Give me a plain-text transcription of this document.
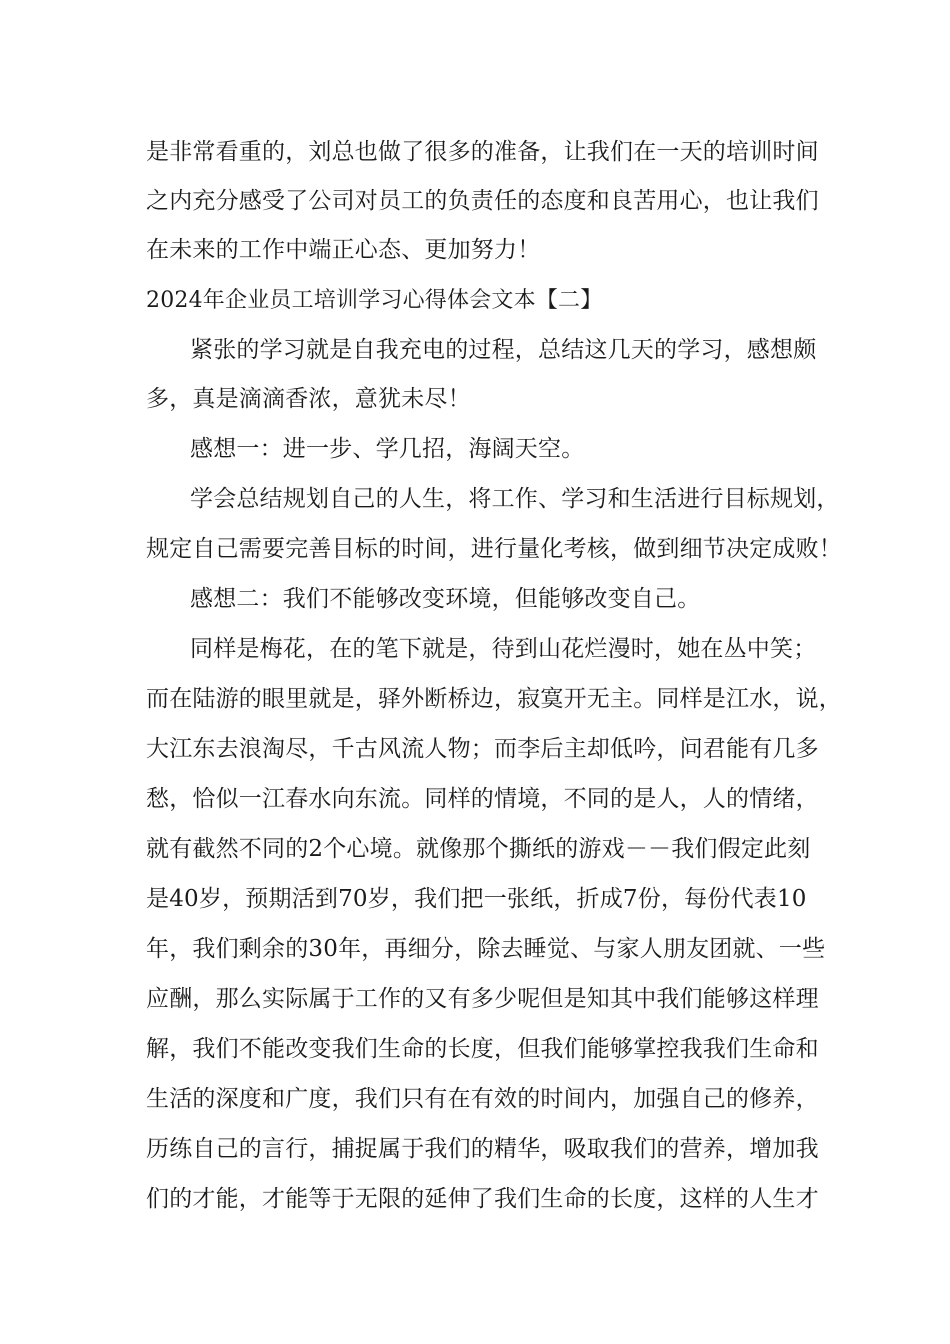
是非常看重的，刘总也做了很多的准备，让我们在一天的培训时间
之内充分感受了公司对员工的负责任的态度和良苦用心，也让我们
在未来的工作中端正心态、更加努力！
2024年企业员工培训学习心得体会文本【二】
紧张的学习就是自我充电的过程，总结这几天的学习，感想颇
多，真是滴滴香浓，意犹未尽！
感想一：进一步、学几招，海阔天空。
学会总结规划自己的人生，将工作、学习和生活进行目标规划，
规定自己需要完善目标的时间，进行量化考核，做到细节决定成败！
感想二：我们不能够改变环境，但能够改变自己。
同样是梅花，在的笔下就是，待到山花烂漫时，她在丛中笑；
而在陆游的眼里就是，驿外断桥边，寂寞开无主。同样是江水，说，
大江东去浪淘尽，千古风流人物；而李后主却低吟，问君能有几多
愁，恰似一江春水向东流。同样的情境，不同的是人，人的情绪，
就有截然不同的2个心境。就像那个撕纸的游戏－－我们假定此刻
是40岁，预期活到70岁，我们把一张纸，折成7份，每份代表10
年，我们剩余的30年，再细分，除去睡觉、与家人朋友团就、一些
应酬，那么实际属于工作的又有多少呢但是知其中我们能够这样理
解，我们不能改变我们生命的长度，但我们能够掌控我我们生命和
生活的深度和广度，我们只有在有效的时间内，加强自己的修养，
历练自己的言行，捕捉属于我们的精华，吸取我们的营养，增加我
们的才能，才能等于无限的延伸了我们生命的长度，这样的人生才
